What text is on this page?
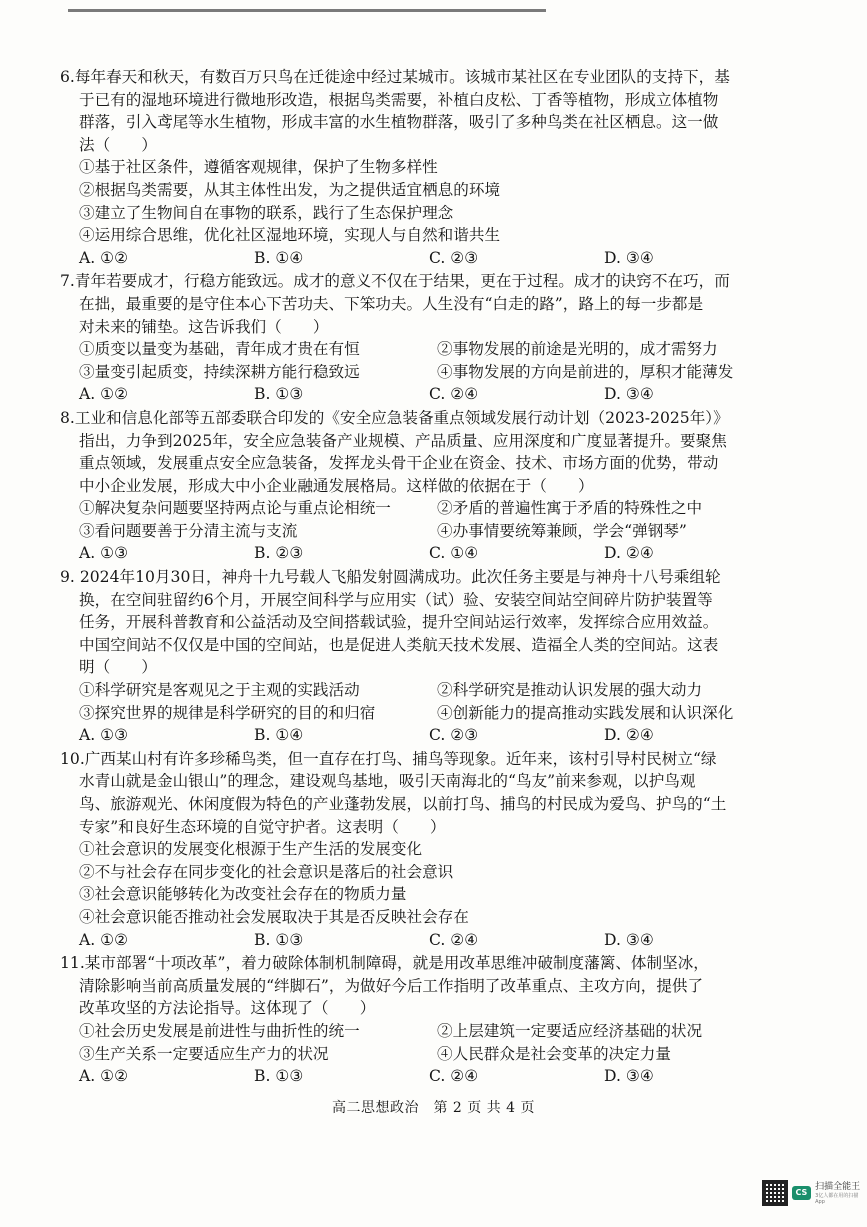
6.每年春天和秋天，有数百万只鸟在迁徙途中经过某城市。该城市某社区在专业团队的支持下，基
于已有的湿地环境进行微地形改造，根据鸟类需要，补植白皮松、丁香等植物，形成立体植物
群落，引入鸢尾等水生植物，形成丰富的水生植物群落，吸引了多种鸟类在社区栖息。这一做
法（　　）
①基于社区条件，遵循客观规律，保护了生物多样性
②根据鸟类需要，从其主体性出发，为之提供适宜栖息的环境
③建立了生物间自在事物的联系，践行了生态保护理念
④运用综合思维，优化社区湿地环境，实现人与自然和谐共生
A. ①②	B. ①④	C. ②③	D. ③④
7.青年若要成才，行稳方能致远。成才的意义不仅在于结果，更在于过程。成才的诀窍不在巧，而
在拙，最重要的是守住本心下苦功夫、下笨功夫。人生没有“白走的路”，路上的每一步都是
对未来的铺垫。这告诉我们（　　）
①质变以量变为基础，青年成才贵在有恒	②事物发展的前途是光明的，成才需努力
③量变引起质变，持续深耕方能行稳致远	④事物发展的方向是前进的，厚积才能薄发
A. ①②	B. ①③	C. ②④	D. ③④
8.工业和信息化部等五部委联合印发的《安全应急装备重点领域发展行动计划（2023-2025年）》
指出，力争到2025年，安全应急装备产业规模、产品质量、应用深度和广度显著提升。要聚焦
重点领域，发展重点安全应急装备，发挥龙头骨干企业在资金、技术、市场方面的优势，带动
中小企业发展，形成大中小企业融通发展格局。这样做的依据在于（　　）
①解决复杂问题要坚持两点论与重点论相统一	②矛盾的普遍性寓于矛盾的特殊性之中
③看问题要善于分清主流与支流	④办事情要统筹兼顾，学会“弹钢琴”
A. ①③	B. ②③	C. ①④	D. ②④
9. 2024年10月30日，神舟十九号载人飞船发射圆满成功。此次任务主要是与神舟十八号乘组轮
换，在空间驻留约6个月，开展空间科学与应用实（试）验、安装空间站空间碎片防护装置等
任务，开展科普教育和公益活动及空间搭载试验，提升空间站运行效率，发挥综合应用效益。
中国空间站不仅仅是中国的空间站，也是促进人类航天技术发展、造福全人类的空间站。这表
明（　　）
①科学研究是客观见之于主观的实践活动	②科学研究是推动认识发展的强大动力
③探究世界的规律是科学研究的目的和归宿	④创新能力的提高推动实践发展和认识深化
A. ①③	B. ①④	C. ②③	D. ②④
10.广西某山村有许多珍稀鸟类，但一直存在打鸟、捕鸟等现象。近年来，该村引导村民树立“绿
水青山就是金山银山”的理念，建设观鸟基地，吸引天南海北的“鸟友”前来参观，以护鸟观
鸟、旅游观光、休闲度假为特色的产业蓬勃发展，以前打鸟、捕鸟的村民成为爱鸟、护鸟的“土
专家”和良好生态环境的自觉守护者。这表明（　　）
①社会意识的发展变化根源于生产生活的发展变化
②不与社会存在同步变化的社会意识是落后的社会意识
③社会意识能够转化为改变社会存在的物质力量
④社会意识能否推动社会发展取决于其是否反映社会存在
A. ①②	B. ①③	C. ②④	D. ③④
11.某市部署“十项改革”，着力破除体制机制障碍，就是用改革思维冲破制度藩篱、体制坚冰，
清除影响当前高质量发展的“绊脚石”，为做好今后工作指明了改革重点、主攻方向，提供了
改革攻坚的方法论指导。这体现了（　　）
①社会历史发展是前进性与曲折性的统一	②上层建筑一定要适应经济基础的状况
③生产关系一定要适应生产力的状况	④人民群众是社会变革的决定力量
A. ①②	B. ①③	C. ②④	D. ③④
高二思想政治　第 2 页 共 4 页
CS
扫描全能王
3亿人都在用的扫描App
